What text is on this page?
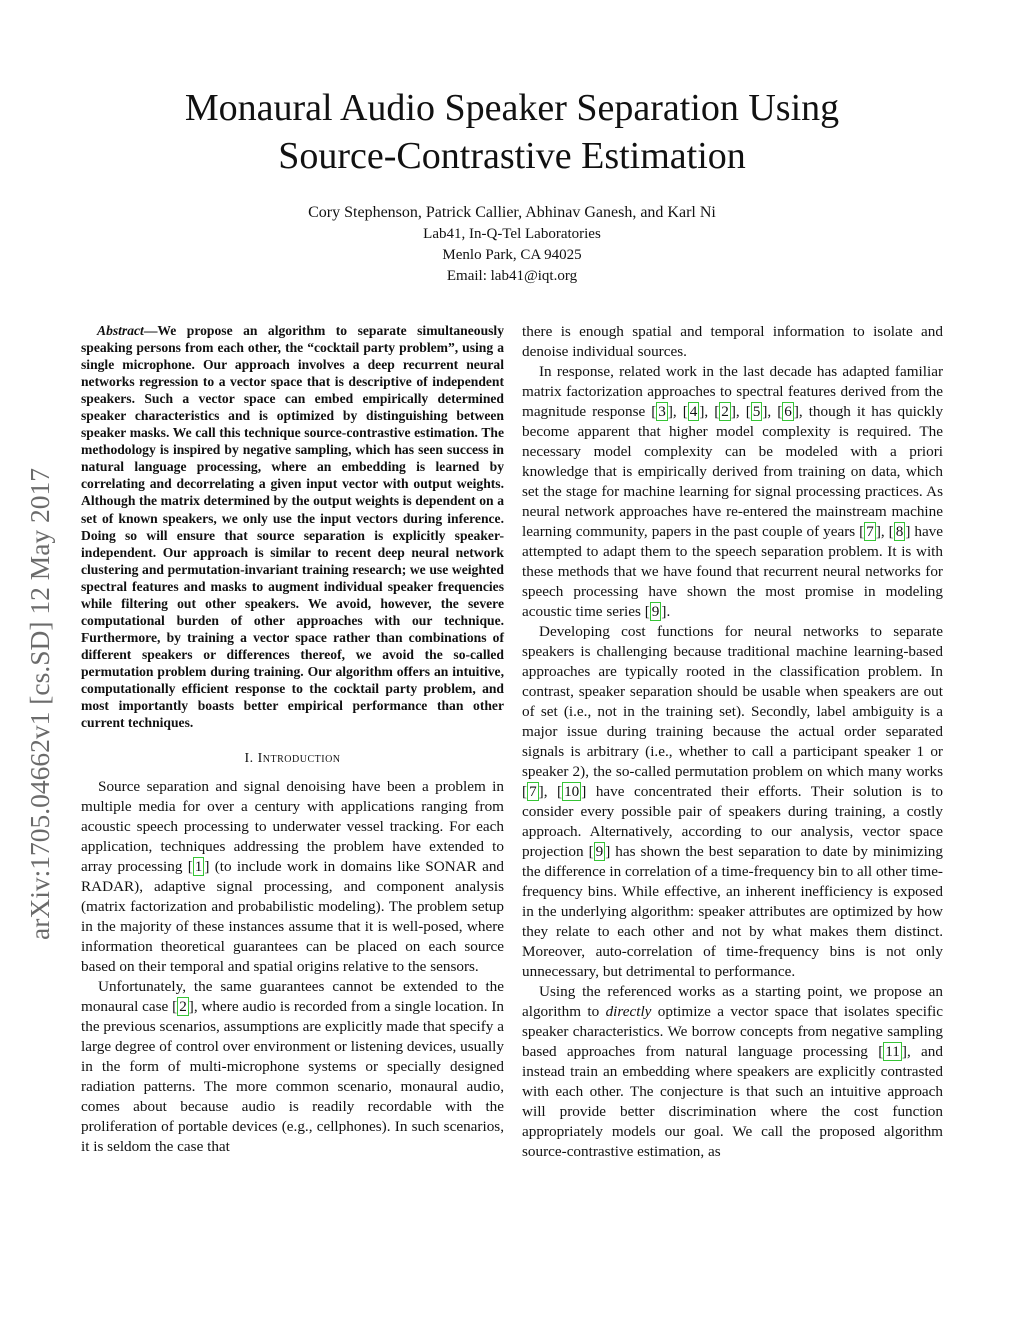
Monaural Audio Speaker Separation Using
Source-Contrastive Estimation
Cory Stephenson, Patrick Callier, Abhinav Ganesh, and Karl Ni
Lab41, In-Q-Tel Laboratories
Menlo Park, CA 94025
Email: lab41@iqt.org
arXiv:1705.04662v1 [cs.SD] 12 May 2017

Abstract—We propose an algorithm to separate simultaneously speaking persons from each other, the “cocktail party problem”, using a single microphone. Our approach involves a deep recurrent neural networks regression to a vector space that is descriptive of independent speakers. Such a vector space can embed empirically determined speaker characteristics and is optimized by distinguishing between speaker masks. We call this technique source-contrastive estimation. The methodology is inspired by negative sampling, which has seen success in natural language processing, where an embedding is learned by correlating and decorrelating a given input vector with output weights. Although the matrix determined by the output weights is dependent on a set of known speakers, we only use the input vectors during inference. Doing so will ensure that source separation is explicitly speaker-independent. Our approach is similar to recent deep neural network clustering and permutation-invariant training research; we use weighted spectral features and masks to augment individual speaker frequencies while filtering out other speakers. We avoid, however, the severe computational burden of other approaches with our technique. Furthermore, by training a vector space rather than combinations of different speakers or differences thereof, we avoid the so-called permutation problem during training. Our algorithm offers an intuitive, computationally efficient response to the cocktail party problem, and most importantly boasts better empirical performance than other current techniques.

I. Introduction

Source separation and signal denoising have been a problem in multiple media for over a century with applications ranging from acoustic speech processing to underwater vessel tracking. For each application, techniques addressing the problem have extended to array processing [ 1 ] (to include work in domains like SONAR and RADAR), adaptive signal processing, and component analysis (matrix factorization and probabilistic modeling). The problem setup in the majority of these instances assume that it is well-posed, where information theoretical guarantees can be placed on each source based on their temporal and spatial origins relative to the sensors.

Unfortunately, the same guarantees cannot be extended to the monaural case [ 2 ], where audio is recorded from a single location. In the previous scenarios, assumptions are explicitly made that specify a large degree of control over environment or listening devices, usually in the form of multi-microphone systems or specially designed radiation patterns. The more common scenario, monaural audio, comes about because audio is readily recordable with the proliferation of portable devices (e.g., cellphones). In such scenarios, it is seldom the case that

there is enough spatial and temporal information to isolate and denoise individual sources.

In response, related work in the last decade has adapted familiar matrix factorization approaches to spectral features derived from the magnitude response [ 3 ], [ 4 ], [ 2 ], [ 5 ], [ 6 ], though it has quickly become apparent that higher model complexity is required. The necessary model complexity can be modeled with a priori knowledge that is empirically derived from training on data, which set the stage for machine learning for signal processing practices. As neural network approaches have re-entered the mainstream machine learning community, papers in the past couple of years [ 7 ], [ 8 ] have attempted to adapt them to the speech separation problem. It is with these methods that we have found that recurrent neural networks for speech processing have shown the most promise in modeling acoustic time series [ 9 ].

Developing cost functions for neural networks to separate speakers is challenging because traditional machine learning-based approaches are typically rooted in the classification problem. In contrast, speaker separation should be usable when speakers are out of set (i.e., not in the training set). Secondly, label ambiguity is a major issue during training because the actual order separated signals is arbitrary (i.e., whether to call a participant speaker 1 or speaker 2), the so-called permutation problem on which many works [ 7 ], [ 10 ] have concentrated their efforts. Their solution is to consider every possible pair of speakers during training, a costly approach. Alternatively, according to our analysis, vector space projection [ 9 ] has shown the best separation to date by minimizing the difference in correlation of a time-frequency bin to all other time-frequency bins. While effective, an inherent inefficiency is exposed in the underlying algorithm: speaker attributes are optimized by how they relate to each other and not by what makes them distinct. Moreover, auto-correlation of time-frequency bins is not only unnecessary, but detrimental to performance.

Using the referenced works as a starting point, we propose an algorithm to directly optimize a vector space that isolates specific speaker characteristics. We borrow concepts from negative sampling based approaches from natural language processing [ 11 ], and instead train an embedding where speakers are explicitly contrasted with each other. The conjecture is that such an intuitive approach will provide better discrimination where the cost function appropriately models our goal. We call the proposed algorithm source-contrastive estimation, as
